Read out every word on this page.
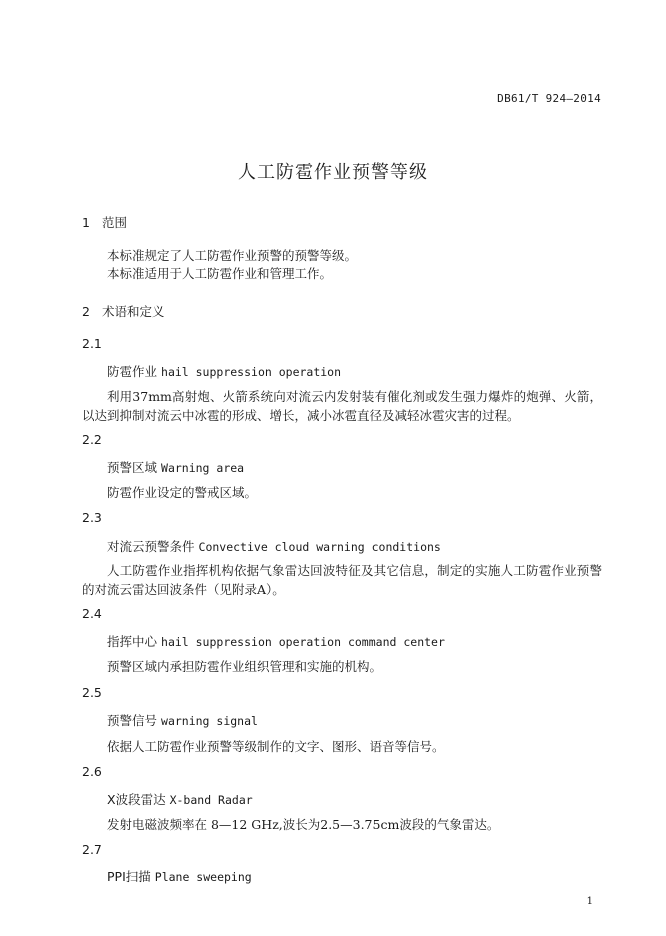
DB61/T 924—2014
人工防雹作业预警等级
1 范围
本标准规定了人工防雹作业预警的预警等级。
本标准适用于人工防雹作业和管理工作。
2 术语和定义
2.1
防雹作业 hail suppression operation
利用37mm高射炮、火箭系统向对流云内发射装有催化剂或发生强力爆炸的炮弹、火箭，以达到抑制对流云中冰雹的形成、增长，减小冰雹直径及减轻冰雹灾害的过程。
2.2
预警区域 Warning area
防雹作业设定的警戒区域。
2.3
对流云预警条件 Convective cloud warning conditions
人工防雹作业指挥机构依据气象雷达回波特征及其它信息，制定的实施人工防雹作业预警的对流云雷达回波条件（见附录A）。
2.4
指挥中心 hail suppression operation command center
预警区域内承担防雹作业组织管理和实施的机构。
2.5
预警信号 warning signal
依据人工防雹作业预警等级制作的文字、图形、语音等信号。
2.6
X波段雷达 X-band Radar
发射电磁波频率在 8—12 GHz,波长为2.5—3.75cm波段的气象雷达。
2.7
PPI扫描 Plane sweeping
1
